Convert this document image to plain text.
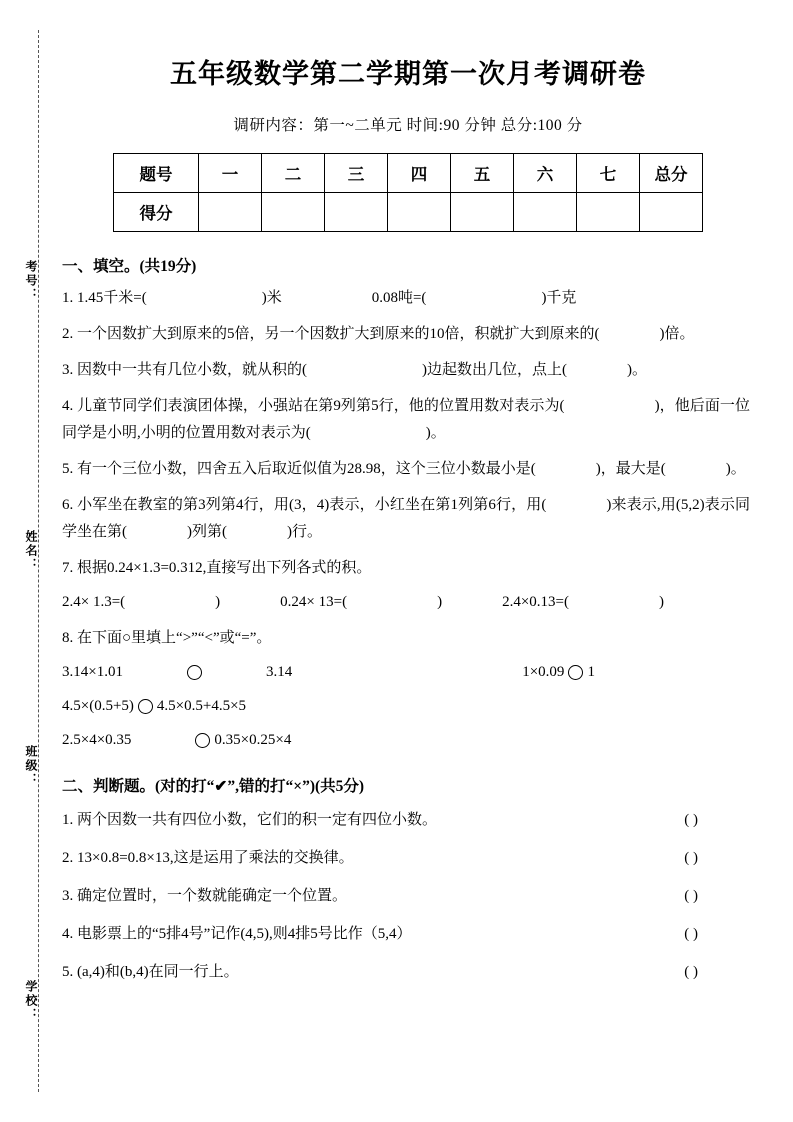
考号：
姓名：
班级：
学校：
五年级数学第二学期第一次月考调研卷
调研内容：第一~二单元 时间:90 分钟 总分:100 分
题号	一	二	三	四	五	六	七	总分
得分								
一、填空。(共19分)
1. 1.45千米=(	)米	0.08吨=(	)千克
2. 一个因数扩大到原来的5倍，另一个因数扩大到原来的10倍，积就扩大到原来的(	)倍。
3. 因数中一共有几位小数，就从积的(	)边起数出几位，点上(	)。
4. 儿童节同学们表演团体操，小强站在第9列第5行，他的位置用数对表示为(	)，他后面一位同学是小明,小明的位置用数对表示为(	)。
5. 有一个三位小数，四舍五入后取近似值为28.98，这个三位小数最小是(	)，最大是(	)。
6. 小军坐在教室的第3列第4行，用(3，4)表示，小红坐在第1列第6行，用(	)来表示,用(5,2)表示同学坐在第(	)列第(	)行。
7. 根据0.24×1.3=0.312,直接写出下列各式的积。
2.4× 1.3=(	)	0.24× 13=(	)	2.4×0.13=(	)
8. 在下面○里填上“>”“<”或“=”。
3.14×1.01	3.14	1×0.09 1
4.5×(0.5+5) 4.5×0.5+4.5×5
2.5×4×0.35	0.35×0.25×4
二、判断题。(对的打“✔”,错的打“×”)(共5分)
1. 两个因数一共有四位小数，它们的积一定有四位小数。	( )
2. 13×0.8=0.8×13,这是运用了乘法的交换律。	( )
3. 确定位置时，一个数就能确定一个位置。	( )
4. 电影票上的“5排4号”记作(4,5),则4排5号比作（5,4）	( )
5. (a,4)和(b,4)在同一行上。	( )
